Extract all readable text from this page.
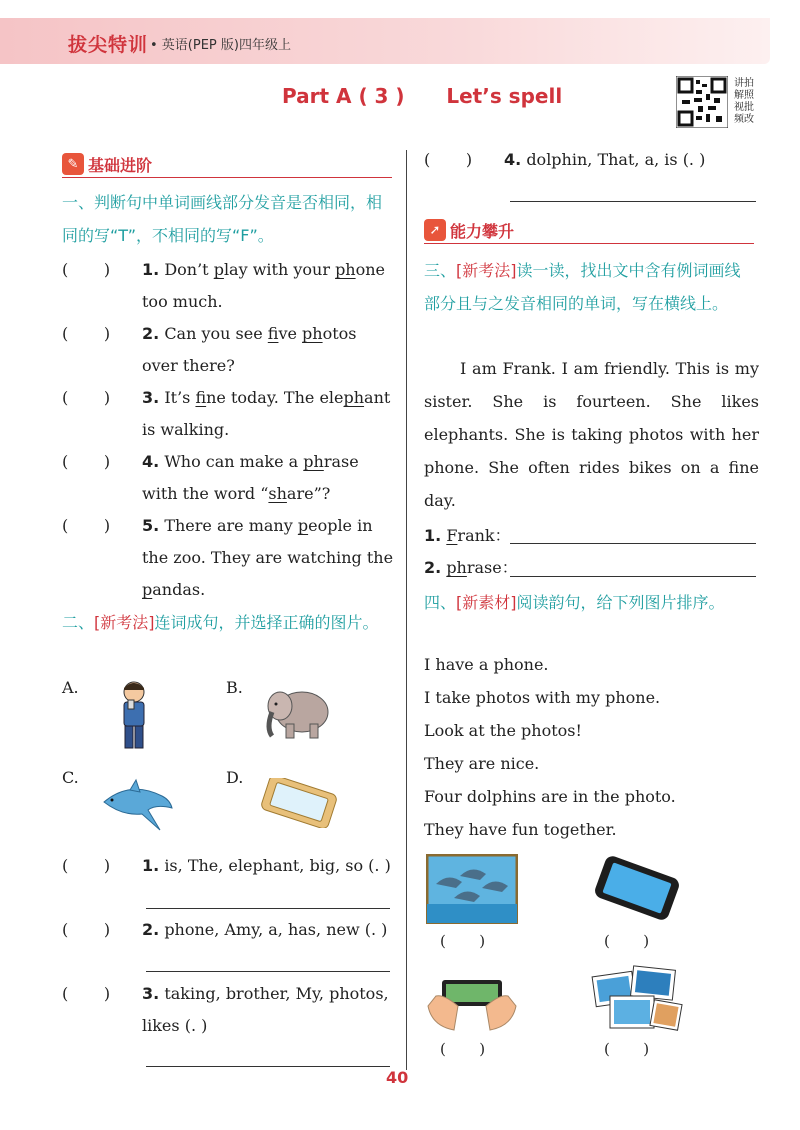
拔尖特训 • 英语(PEP 版)四年级上
Part A ( 3 )      Let’s spell
讲拍解照视批频改
✎ 基础进阶
一、判断句中单词画线部分发音是否相同，相同的写“T”，不相同的写“F”。
(       )	1. Don’t play with your phone too much.
(       )	2. Can you see five photos over there?
(       )	3. It’s fine today. The elephant is walking.
(       )	4. Who can make a phrase with the word “share”?
(       )	5. There are many people in the zoo. They are watching the pandas.
二、[新考法]连词成句，并选择正确的图片。
A.	B.
C.	D.
(       )	1. is, The, elephant, big, so (. )
(       )	2. phone, Amy, a, has, new (. )
(       )	3. taking, brother, My, photos, likes (. )
(       )	4. dolphin, That, a, is (. )
➚ 能力攀升
三、[新考法]读一读，找出文中含有例词画线部分且与之发音相同的单词，写在横线上。
I am Frank. I am friendly. This is my sister. She is fourteen. She likes elephants. She is taking photos with her phone. She often rides bikes on a fine day.
1. Frank：
2. phrase：
四、[新素材]阅读韵句，给下列图片排序。
I have a phone.
I take photos with my phone.
Look at the photos!
They are nice.
Four dolphins are in the photo.
They have fun together.
(       )	(       )
(       )	(       )
40
